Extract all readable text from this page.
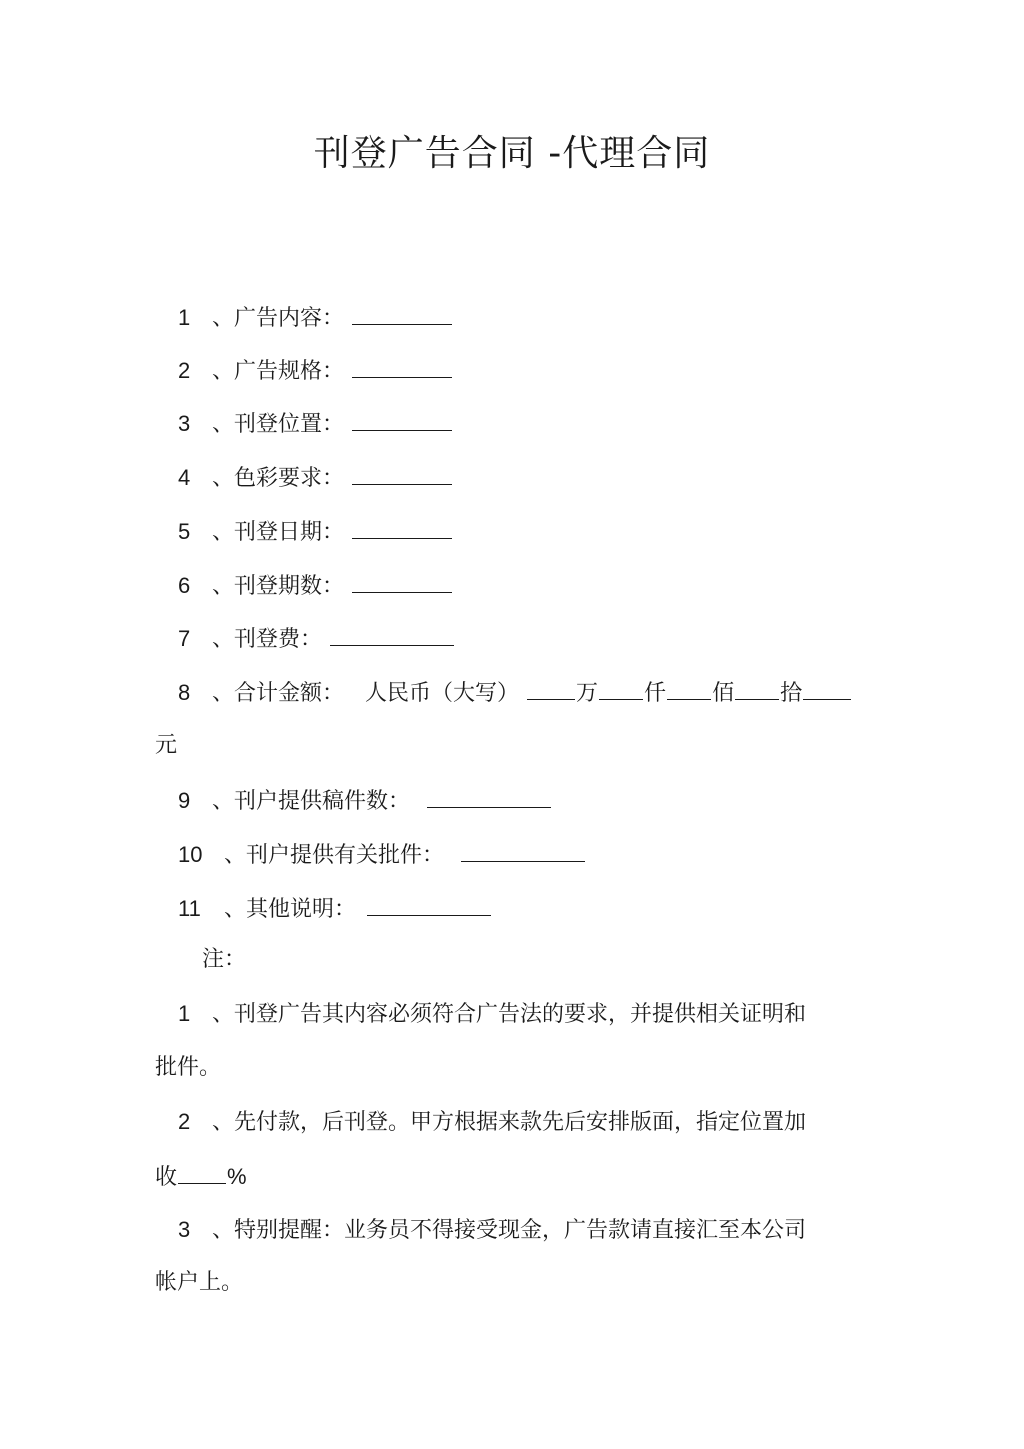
刊登广告合同 -代理合同
1 、广告内容：
2 、广告规格：
3 、刊登位置：
4 、色彩要求：
5 、刊登日期：
6 、刊登期数：
7 、刊登费：
8 、合计金额： 人民币（大写）	万 仟 佰 拾
元
9 、刊户提供稿件数：
10 、刊户提供有关批件：
11 、其他说明：
注：
1 、刊登广告其内容必须符合广告法的要求，并提供相关证明和
批件。
2 、先付款，后刊登。甲方根据来款先后安排版面，指定位置加
收 %
3 、特别提醒：业务员不得接受现金，广告款请直接汇至本公司
帐户上。
